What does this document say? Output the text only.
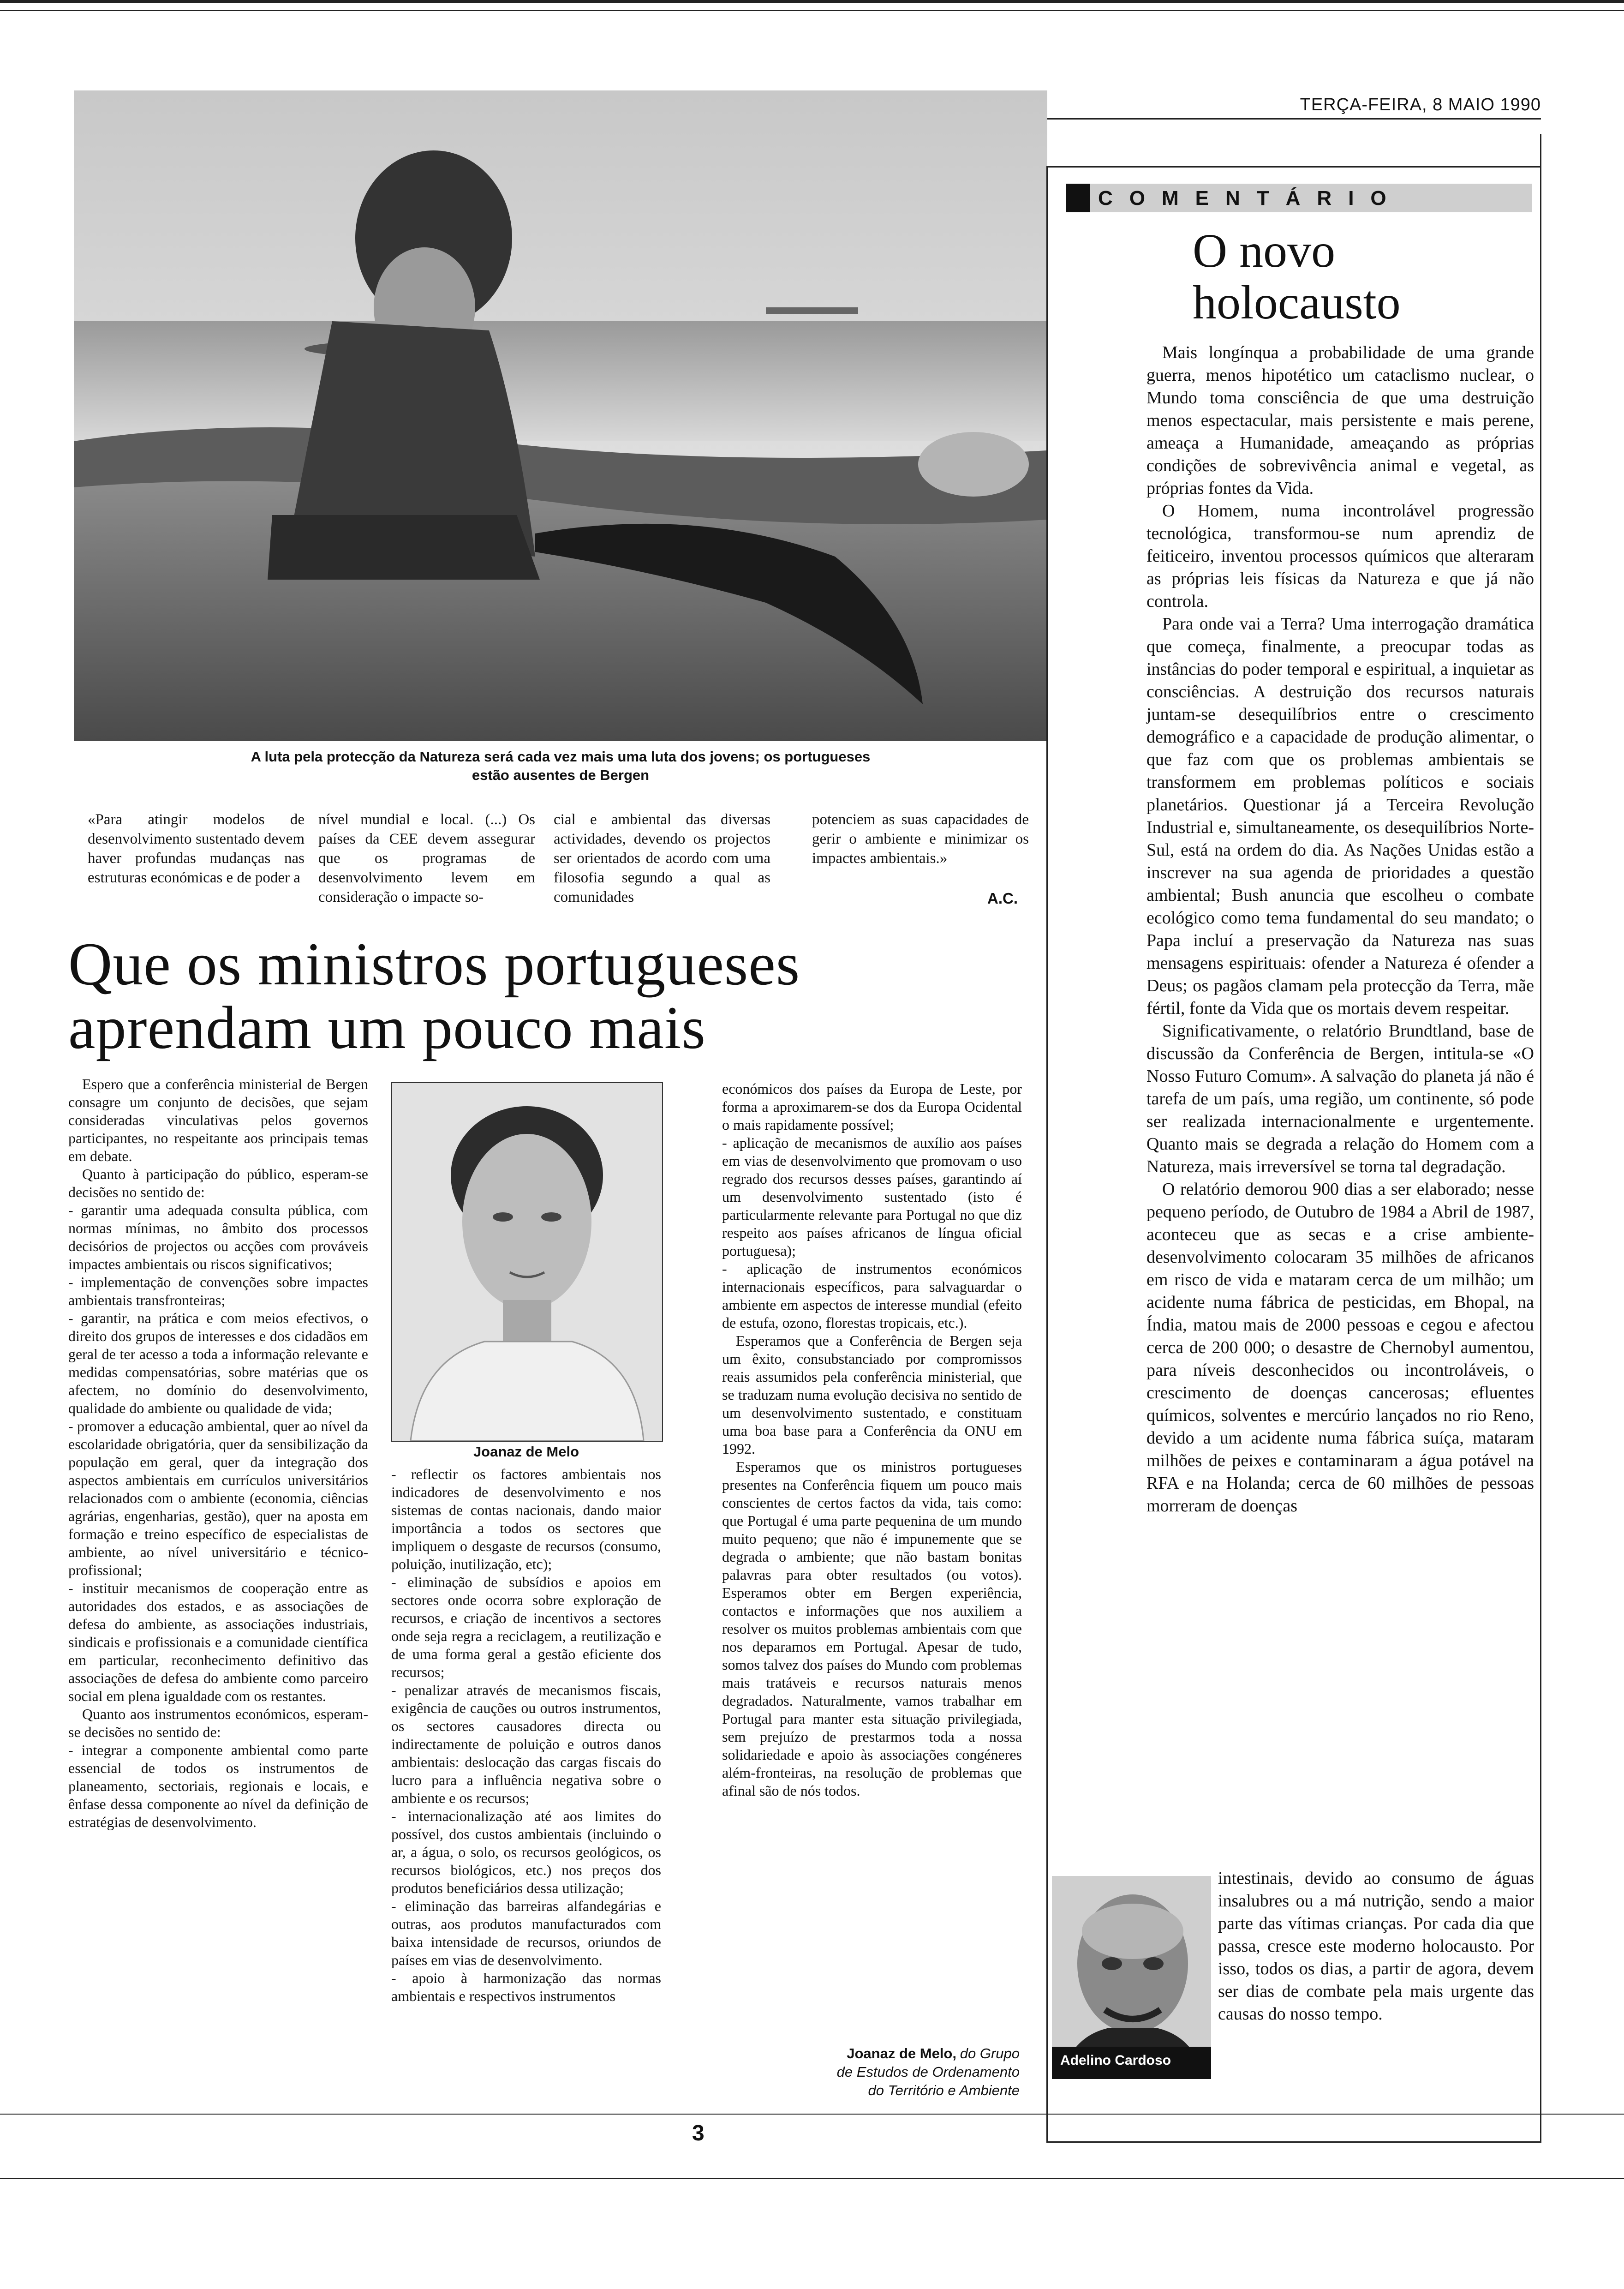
TERÇA-FEIRA, 8 MAIO 1990
A luta pela protecção da Natureza será cada vez mais uma luta dos jovens; os portugueses
estão ausentes de Bergen
«Para atingir modelos de desenvolvimento sustentado devem haver profundas mudanças nas estruturas económicas e de poder a
nível mundial e local. (...) Os países da CEE devem assegurar que os programas de desenvolvimento levem em consideração o impacte so-
cial e ambiental das diversas actividades, devendo os projectos ser orientados de acordo com uma filosofia segundo a qual as comunidades
potenciem as suas capacidades de gerir o ambiente e minimizar os impactes ambientais.»
A.C.
Que os ministros portugueses
aprendam um pouco mais

Espero que a conferência ministerial de Bergen consagre um conjunto de decisões, que sejam consideradas vinculativas pelos governos participantes, no respeitante aos principais temas em debate.

Quanto à participação do público, esperam-se decisões no sentido de:

- garantir uma adequada consulta pública, com normas mínimas, no âmbito dos processos decisórios de projectos ou acções com prováveis impactes ambientais ou riscos significativos;

- implementação de convenções sobre impactes ambientais transfronteiras;

- garantir, na prática e com meios efectivos, o direito dos grupos de interesses e dos cidadãos em geral de ter acesso a toda a informação relevante e medidas compensatórias, sobre matérias que os afectem, no domínio do desenvolvimento, qualidade do ambiente ou qualidade de vida;

- promover a educação ambiental, quer ao nível da escolaridade obrigatória, quer da sensibilização da população em geral, quer da integração dos aspectos ambientais em currículos universitários relacionados com o ambiente (economia, ciências agrárias, engenharias, gestão), quer na aposta em formação e treino específico de especialistas de ambiente, ao nível universitário e técnico-profissional;

- instituir mecanismos de cooperação entre as autoridades dos estados, e as associações de defesa do ambiente, as associações industriais, sindicais e profissionais e a comunidade científica em particular, reconhecimento definitivo das associações de defesa do ambiente como parceiro social em plena igualdade com os restantes.

Quanto aos instrumentos económicos, esperam-se decisões no sentido de:

- integrar a componente ambiental como parte essencial de todos os instrumentos de planeamento, sectoriais, regionais e locais, e ênfase dessa componente ao nível da definição de estratégias de desenvolvimento.

Joanaz de Melo

- reflectir os factores ambientais nos indicadores de desenvolvimento e nos sistemas de contas nacionais, dando maior importância a todos os sectores que impliquem o desgaste de recursos (consumo, poluição, inutilização, etc);

- eliminação de subsídios e apoios em sectores onde ocorra sobre exploração de recursos, e criação de incentivos a sectores onde seja regra a reciclagem, a reutilização e de uma forma geral a gestão eficiente dos recursos;

- penalizar através de mecanismos fiscais, exigência de cauções ou outros instrumentos, os sectores causadores directa ou indirectamente de poluição e outros danos ambientais: deslocação das cargas fiscais do lucro para a influência negativa sobre o ambiente e os recursos;

- internacionalização até aos limites do possível, dos custos ambientais (incluindo o ar, a água, o solo, os recursos geológicos, os recursos biológicos, etc.) nos preços dos produtos beneficiários dessa utilização;

- eliminação das barreiras alfandegárias e outras, aos produtos manufacturados com baixa intensidade de recursos, oriundos de países em vias de desenvolvimento.

- apoio à harmonização das normas ambientais e respectivos instrumentos

económicos dos países da Europa de Leste, por forma a aproximarem-se dos da Europa Ocidental o mais rapidamente possível;

- aplicação de mecanismos de auxílio aos países em vias de desenvolvimento que promovam o uso regrado dos recursos desses países, garantindo aí um desenvolvimento sustentado (isto é particularmente relevante para Portugal no que diz respeito aos países africanos de língua oficial portuguesa);

- aplicação de instrumentos económicos internacionais específicos, para salvaguardar o ambiente em aspectos de interesse mundial (efeito de estufa, ozono, florestas tropicais, etc.).

Esperamos que a Conferência de Bergen seja um êxito, consubstanciado por compromissos reais assumidos pela conferência ministerial, que se traduzam numa evolução decisiva no sentido de um desenvolvimento sustentado, e constituam uma boa base para a Conferência da ONU em 1992.

Esperamos que os ministros portugueses presentes na Conferência fiquem um pouco mais conscientes de certos factos da vida, tais como: que Portugal é uma parte pequenina de um mundo muito pequeno; que não é impunemente que se degrada o ambiente; que não bastam bonitas palavras para obter resultados (ou votos). Esperamos obter em Bergen experiência, contactos e informações que nos auxiliem a resolver os muitos problemas ambientais com que nos deparamos em Portugal. Apesar de tudo, somos talvez dos países do Mundo com problemas mais tratáveis e recursos naturais menos degradados. Naturalmente, vamos trabalhar em Portugal para manter esta situação privilegiada, sem prejuízo de prestarmos toda a nossa solidariedade e apoio às associações congéneres além-fronteiras, na resolução de problemas que afinal são de nós todos.

Joanaz de Melo, do Grupo
de Estudos de Ordenamento
do Território e Ambiente
COMENTÁRIO
O novo
holocausto

Mais longínqua a probabilidade de uma grande guerra, menos hipotético um cataclismo nuclear, o Mundo toma consciência de que uma destruição menos espectacular, mais persistente e mais perene, ameaça a Humanidade, ameaçando as próprias condições de sobrevivência animal e vegetal, as próprias fontes da Vida.

O Homem, numa incontrolável progressão tecnológica, transformou-se num aprendiz de feiticeiro, inventou processos químicos que alteraram as próprias leis físicas da Natureza e que já não controla.

Para onde vai a Terra? Uma interrogação dramática que começa, finalmente, a preocupar todas as instâncias do poder temporal e espiritual, a inquietar as consciências. A destruição dos recursos naturais juntam-se desequilíbrios entre o crescimento demográfico e a capacidade de produção alimentar, o que faz com que os problemas ambientais se transformem em problemas políticos e sociais planetários. Questionar já a Terceira Revolução Industrial e, simultaneamente, os desequilíbrios Norte-Sul, está na ordem do dia. As Nações Unidas estão a inscrever na sua agenda de prioridades a questão ambiental; Bush anuncia que escolheu o combate ecológico como tema fundamental do seu mandato; o Papa incluí a preservação da Natureza nas suas mensagens espirituais: ofender a Natureza é ofender a Deus; os pagãos clamam pela protecção da Terra, mãe fértil, fonte da Vida que os mortais devem respeitar.

Significativamente, o relatório Brundtland, base de discussão da Conferência de Bergen, intitula-se «O Nosso Futuro Comum». A salvação do planeta já não é tarefa de um país, uma região, um continente, só pode ser realizada internacionalmente e urgentemente. Quanto mais se degrada a relação do Homem com a Natureza, mais irreversível se torna tal degradação.

O relatório demorou 900 dias a ser elaborado; nesse pequeno período, de Outubro de 1984 a Abril de 1987, aconteceu que as secas e a crise ambiente-desenvolvimento colocaram 35 milhões de africanos em risco de vida e mataram cerca de um milhão; um acidente numa fábrica de pesticidas, em Bhopal, na Índia, matou mais de 2000 pessoas e cegou e afectou cerca de 200 000; o desastre de Chernobyl aumentou, para níveis desconhecidos ou incontroláveis, o crescimento de doenças cancerosas; efluentes químicos, solventes e mercúrio lançados no rio Reno, devido a um acidente numa fábrica suíça, mataram milhões de peixes e contaminaram a água potável na RFA e na Holanda; cerca de 60 milhões de pessoas morreram de doenças

Adelino Cardoso
intestinais, devido ao consumo de águas insalubres ou a má nutrição, sendo a maior parte das vítimas crianças. Por cada dia que passa, cresce este moderno holocausto. Por isso, todos os dias, a partir de agora, devem ser dias de combate pela mais urgente das causas do nosso tempo.
3
